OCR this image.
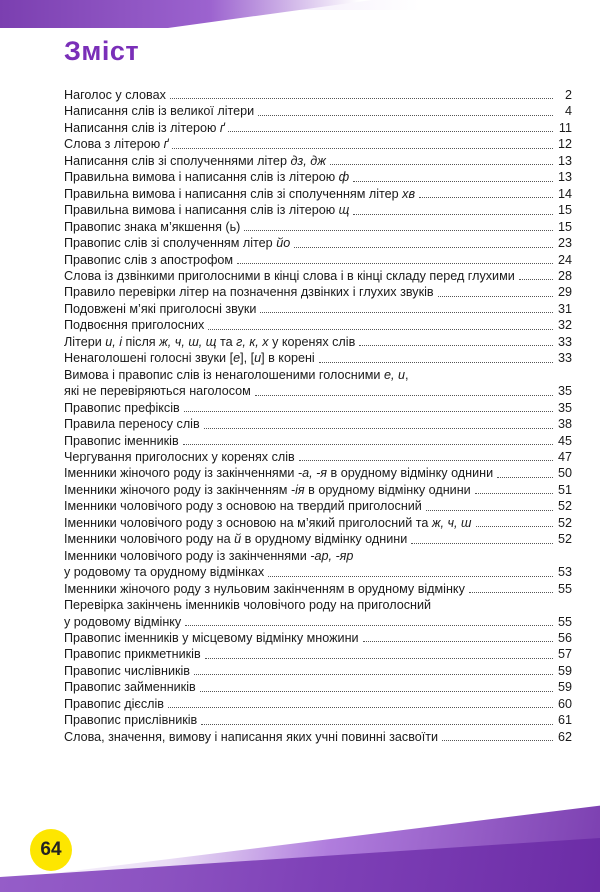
Зміст
Наголос у словах	2
Написання слів із великої літери	4
Написання слів із літерою ґ	11
Слова з літерою ґ	12
Написання слів зі сполученнями літер дз, дж	13
Правильна вимова і написання слів із літерою ф	13
Правильна вимова і написання слів зі сполученням літер хв	14
Правильна вимова і написання слів із літерою щ	15
Правопис знака м’якшення (ь)	15
Правопис слів зі сполученням літер йо	23
Правопис слів з апострофом	24
Слова із дзвінкими приголосними в кінці слова і в кінці складу перед глухими	28
Правило перевірки літер на позначення дзвінких і глухих звуків	29
Подовжені м’які приголосні звуки	31
Подвоєння приголосних	32
Літери и, і після ж, ч, ш, щ та г, к, х у коренях слів	33
Ненаголошені голосні звуки [е], [и] в корені	33
Вимова і правопис слів із ненаголошеними голосними е, и,
які не перевіряються наголосом	35
Правопис префіксів	35
Правила переносу слів	38
Правопис іменників	45
Чергування приголосних у коренях слів	47
Іменники жіночого роду із закінченнями -а, -я в орудному відмінку однини	50
Іменники жіночого роду із закінченням -ія в орудному відмінку однини	51
Іменники чоловічого роду з основою на твердий приголосний	52
Іменники чоловічого роду з основою на м’який приголосний та ж, ч, ш	52
Іменники чоловічого роду на й в орудному відмінку однини	52
Іменники чоловічого роду із закінченнями -ар, -яр
у родовому та орудному відмінках	53
Іменники жіночого роду з нульовим закінченням в орудному відмінку	55
Перевірка закінчень іменників чоловічого роду на приголосний
у родовому відмінку	55
Правопис іменників у місцевому відмінку множини	56
Правопис прикметників	57
Правопис числівників	59
Правопис займенників	59
Правопис дієслів	60
Правопис прислівників	61
Слова, значення, вимову і написання яких учні повинні засвоїти	62
64
